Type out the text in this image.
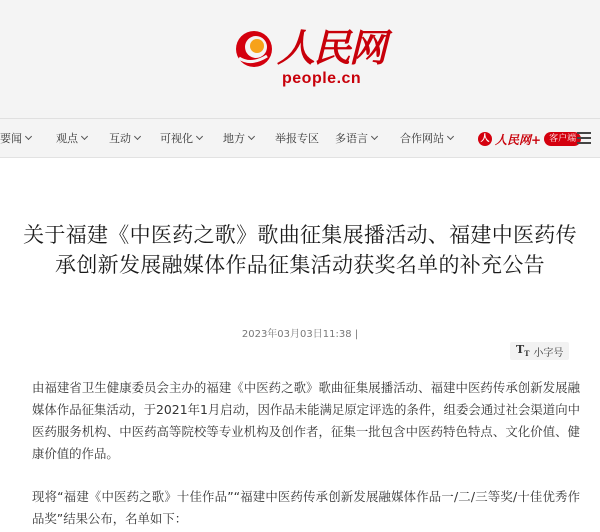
人民网
people.cn
要闻	观点	互动	可视化	地方	举报专区 多语言	合作网站	人 人民网+ 客户端
关于福建《中医药之歌》歌曲征集展播活动、福建中医药传承创新发展融媒体作品征集活动获奖名单的补充公告
2023年03月03日11:38 |
$T_T$ 小字号

由福建省卫生健康委员会主办的福建《中医药之歌》歌曲征集展播活动、福建中医药传承创新发展融媒体作品征集活动，于2021年1月启动，因作品未能满足原定评选的条件，组委会通过社会渠道向中医药服务机构、中医药高等院校等专业机构及创作者，征集一批包含中医药特色特点、文化价值、健康价值的作品。

现将“福建《中医药之歌》十佳作品”“福建中医药传承创新发展融媒体作品一/二/三等奖/十佳优秀作品奖”结果公布，名单如下：
